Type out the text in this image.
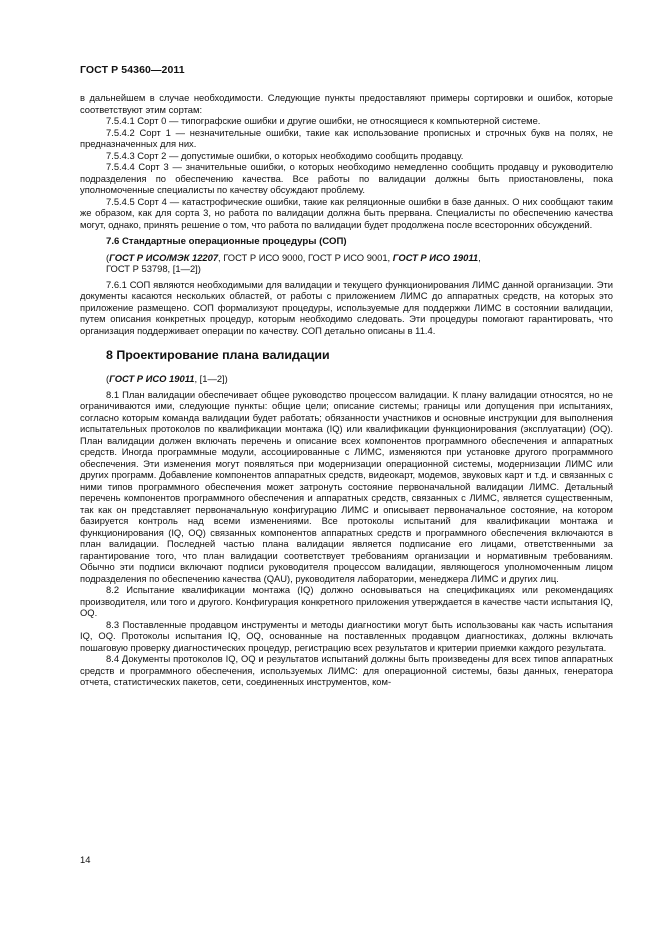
ГОСТ Р 54360—2011

в дальнейшем в случае необходимости. Следующие пункты предоставляют примеры сортировки и ошибок, которые соответствуют этим сортам:

7.5.4.1 Сорт 0 — типографские ошибки и другие ошибки, не относящиеся к компьютерной системе.

7.5.4.2 Сорт 1 — незначительные ошибки, такие как использование прописных и строчных букв на полях, не предназначенных для них.

7.5.4.3 Сорт 2 — допустимые ошибки, о которых необходимо сообщить продавцу.

7.5.4.4 Сорт 3 — значительные ошибки, о которых необходимо немедленно сообщить продавцу и руководителю подразделения по обеспечению качества. Все работы по валидации должны быть приостановлены, пока уполномоченные специалисты по качеству обсуждают проблему.

7.5.4.5 Сорт 4 — катастрофические ошибки, такие как реляционные ошибки в базе данных. О них сообщают таким же образом, как для сорта 3, но работа по валидации должна быть прервана. Специалисты по обеспечению качества могут, однако, принять решение о том, что работа по валидации будет продолжена после всесторонних обсуждений.

7.6 Стандартные операционные процедуры (СОП)

(ГОСТ Р ИСО/МЭК 12207, ГОСТ Р ИСО 9000, ГОСТ Р ИСО 9001, ГОСТ Р ИСО 19011,
ГОСТ Р 53798, [1—2])

7.6.1 СОП являются необходимыми для валидации и текущего функционирования ЛИМС данной организации. Эти документы касаются нескольких областей, от работы с приложением ЛИМС до аппаратных средств, на которых это приложение размещено. СОП формализуют процедуры, используемые для поддержки ЛИМС в состоянии валидации, путем описания конкретных процедур, которым необходимо следовать. Эти процедуры помогают гарантировать, что организация поддерживает операции по качеству. СОП детально описаны в 11.4.

8 Проектирование плана валидации

(ГОСТ Р ИСО 19011, [1—2])

8.1 План валидации обеспечивает общее руководство процессом валидации. К плану валидации относятся, но не ограничиваются ими, следующие пункты: общие цели; описание системы; границы или допущения при испытаниях, согласно которым команда валидации будет работать; обязанности участников и основные инструкции для выполнения испытательных протоколов по квалификации монтажа (IQ) или квалификации функционирования (эксплуатации) (OQ). План валидации должен включать перечень и описание всех компонентов программного обеспечения и аппаратных средств. Иногда программные модули, ассоциированные с ЛИМС, изменяются при установке другого программного обеспечения. Эти изменения могут появляться при модернизации операционной системы, модернизации ЛИМС или других программ. Добавление компонентов аппаратных средств, видеокарт, модемов, звуковых карт и т.д. и связанных с ними типов программного обеспечения может затронуть состояние первоначальной валидации ЛИМС. Детальный перечень компонентов программного обеспечения и аппаратных средств, связанных с ЛИМС, является существенным, так как он представляет первоначальную конфигурацию ЛИМС и описывает первоначальное состояние, на котором базируется контроль над всеми изменениями. Все протоколы испытаний для квалификации монтажа и функционирования (IQ, OQ) связанных компонентов аппаратных средств и программного обеспечения включаются в план валидации. Последней частью плана валидации является подписание его лицами, ответственными за гарантирование того, что план валидации соответствует требованиям организации и нормативным требованиям. Обычно эти подписи включают подписи руководителя процессом валидации, являющегося уполномоченным лицом подразделения по обеспечению качества (QAU), руководителя лаборатории, менеджера ЛИМС и других лиц.

8.2 Испытание квалификации монтажа (IQ) должно основываться на спецификациях или рекомендациях производителя, или того и другого. Конфигурация конкретного приложения утверждается в качестве части испытания IQ, OQ.

8.3 Поставленные продавцом инструменты и методы диагностики могут быть использованы как часть испытания IQ, OQ. Протоколы испытания IQ, OQ, основанные на поставленных продавцом диагностиках, должны включать пошаговую проверку диагностических процедур, регистрацию всех результатов и критерии приемки каждого результата.

8.4 Документы протоколов IQ, OQ и результатов испытаний должны быть произведены для всех типов аппаратных средств и программного обеспечения, используемых ЛИМС: для операционной системы, базы данных, генератора отчета, статистических пакетов, сети, соединенных инструментов, ком-

14
